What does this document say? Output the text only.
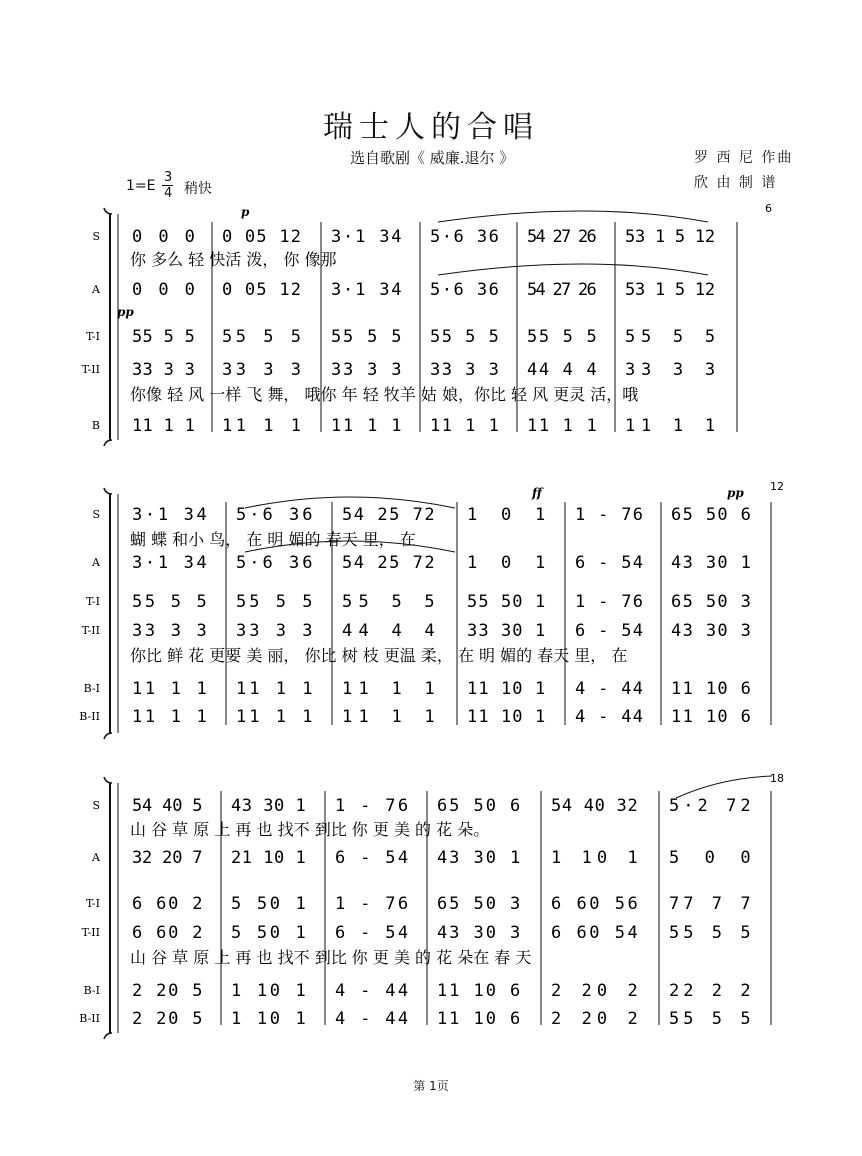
瑞士人的合唱
选自歌剧《 威廉.退尔 》	罗 西 尼 作曲
欣 由 制 谱
1=E
3
4 稍快
第 1页
6
S 0 0 0 0 05 12 3·1 34 5·6 36 54 27 26 53 1 5 12
你 多么 轻 快活 泼， 你 像那
A 0 0 0 0 05 12 3·1 34 5·6 36 54 27 26 53 1 5 12
T-I 55 5 5 55 5 5 55 5 5 55 5 5 55 5 5 55 5 5
T-II 33 3 3 33 3 3 33 3 3 33 3 3 44 4 4 33 3 3
你像 轻 风 一样 飞 舞， 哦你 年 轻 牧羊 姑 娘，你比 轻 风 更灵 活，哦
B 11 1 1 11 1 1 11 1 1 11 1 1 11 1 1 11 1 1
p
pp
12
S 3·1 34 5·6 36 54 25 72 1 0 1 1 - 76 65 50 6
蝴 蝶 和小 鸟， 在 明 媚的 春天 里， 在
A 3·1 34 5·6 36 54 25 72 1 0 1 6 - 54 43 30 1
T-I 55 5 5 55 5 5 55 5 5 55 50 1 1 - 76 65 50 3
T-II 33 3 3 33 3 3 44 4 4 33 30 1 6 - 54 43 30 3
你比 鲜 花 更要 美 丽， 你比 树 枝 更温 柔， 在 明 媚的 春天 里， 在
B-I 11 1 1 11 1 1 11 1 1 11 10 1 4 - 44 11 10 6
B-II 11 1 1 11 1 1 11 1 1 11 10 1 4 - 44 11 10 6
ff	pp
18
S 54 40 5 43 30 1 1 - 76 65 50 6 54 40 32 5·2 72
山 谷 草 原 上 再 也 找不 到比 你 更 美 的 花 朵。
A 32 20 7 21 10 1 6 - 54 43 30 1 1 10 1 5 0 0
T-I 6 60 2 5 50 1 1 - 76 65 50 3 6 60 56 77 7 7
T-II 6 60 2 5 50 1 6 - 54 43 30 3 6 60 54 55 5 5
山 谷 草 原 上 再 也 找不 到比 你 更 美 的 花 朵在 春 天
B-I 2 20 5 1 10 1 4 - 44 11 10 6 2 20 2 22 2 2
B-II 2 20 5 1 10 1 4 - 44 11 10 6 2 20 2 55 5 5
